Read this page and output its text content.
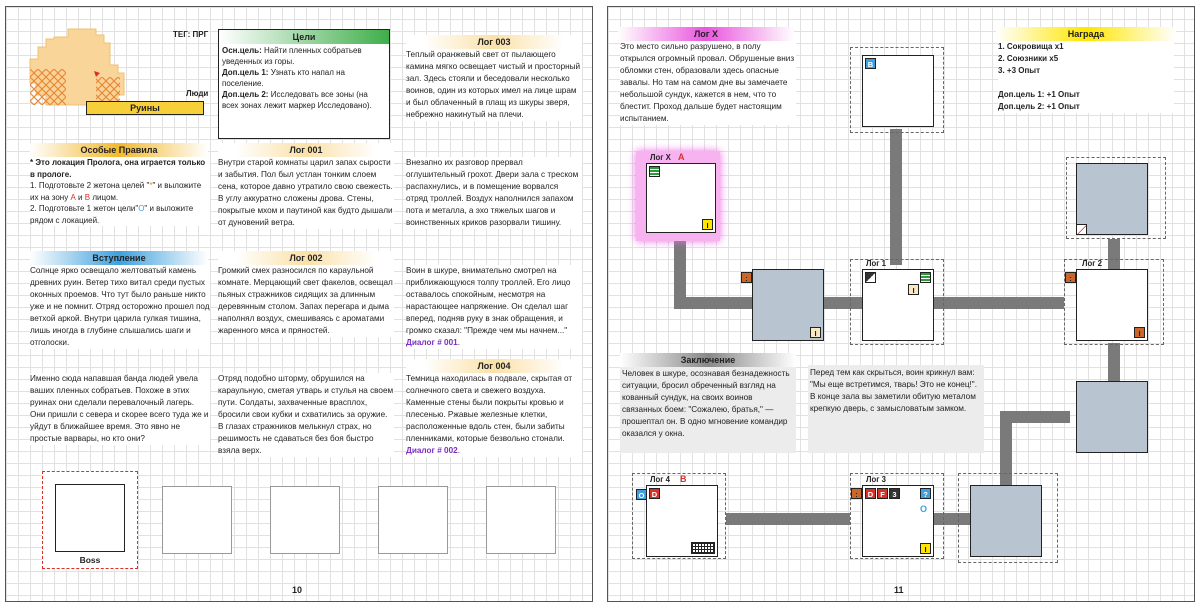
ТЕГ: ПРГ
Люди
Руины
Цели
Осн.цель: Найти пленных собратьев уведенных из горы.
Доп.цель 1: Узнать кто напал на поселение.
Доп.цель 2: Исследовать все зоны (на всех зонах лежит маркер Исследовано).
Лог 003
Теплый оранжевый свет от пылающего камина мягко освещает чистый и просторный зал. Здесь стояли и беседовали несколько воинов, один из которых имел на лице шрам и был облаченный в плащ из шкуры зверя, небрежно накинутый на плечи.
Особые Правила
* Это локация Пролога, она играется только в прологе.
1. Подготовьте 2 жетона целей "*" и выложите их на зону А и В лицом.
2. Подготовьте 1 жетон цели"О" и выложите рядом с локацией.
Лог 001
Внутри старой комнаты царил запах сырости и забытия. Пол был устлан тонким слоем сена, которое давно утратило свою свежесть. В углу аккуратно сложены дрова. Стены, покрытые мхом и паутиной как будто дышали от дуновений ветра.
Внезапно их разговор прервал оглушительный грохот. Двери зала с треском распахнулись, и в помещение ворвался отряд троллей. Воздух наполнился запахом пота и металла, а эхо тяжелых шагов и воинственных криков разорвали тишину.
Вступление
Солнце ярко освещало желтоватый камень древних руин. Ветер тихо витал среди пустых оконных проемов. Что тут было раньше никто уже и не помнит. Отряд осторожно прошел под ветхой аркой. Внутри царила гулкая тишина, лишь иногда в глубине слышались шаги и отголоски.
Лог 002
Громкий смех разносился по караульной комнате. Мерцающий свет факелов, освещал пьяных стражников сидящих за длинным деревянным столом. Запах перегара и дыма наполнял воздух, смешиваясь с ароматами жаренного мяса и пряностей.
Воин в шкуре, внимательно смотрел на приближающуюся толпу троллей. Его лицо оставалось спокойным, несмотря на нарастающее напряжение. Он сделал шаг вперед, подняв руку в знак обращения, и громко сказал: "Прежде чем мы начнем..."
Диалог # 001.
Лог 004
Именно сюда напавшая банда людей увела ваших пленных собратьев. Похоже в этих руинах они сделали перевалочный лагерь. Они пришли с севера и скорее всего туда же и уйдут в ближайшее время. Это явно не простые варвары, но кто они?
Отряд подобно шторму, обрушился на караульную, сметая утварь и стулья на своем пути. Солдаты, захваченные врасплох, бросили свои кубки и схватились за оружие. В глазах стражников мелькнул страх, но решимость не сдаваться без боя быстро взяла верх.
Темница находилась в подвале, скрытая от солнечного света и свежего воздуха. Каменные стены были покрыты кровью и плесенью. Ржавые железные клетки, расположенные вдоль стен, были забиты пленниками, которые безвольно стонали.
Диалог # 002.
Boss
10
Лог X
Это место сильно разрушено, в полу открылся огромный провал. Обрушеные вниз обломки стен, образовали здесь опасные завалы. Но там на самом дне вы замечаете небольшой сундук, кажется в нем, что то блестит. Проход дальше будет настоящим испытанием.
Награда
1. Сокровища x1
2. Союзники x5
3. +3 Опыт
Доп.цель 1: +1 Опыт
Доп.цель 2: +1 Опыт
B
Лог X А
I
:
I
Лог 1
I
Лог 2
:
I
Заключение
Человек в шкуре, осознавая безнадежность ситуации, бросил обреченный взгляд на кованный сундук, на своих воинов связанных боем: "Сожалею, братья," — прошептал он. В одно мгновение командир оказался у окна.
Перед тем как скрыться, воин крикнул вам: "Мы еще встретимся, тварь! Это не конец!". В конце зала вы заметили обитую металом крепкую дверь, с замысловатым замком.
Лог 4 В
D
O
Лог 3
:	D F	3	?
I
O
11
